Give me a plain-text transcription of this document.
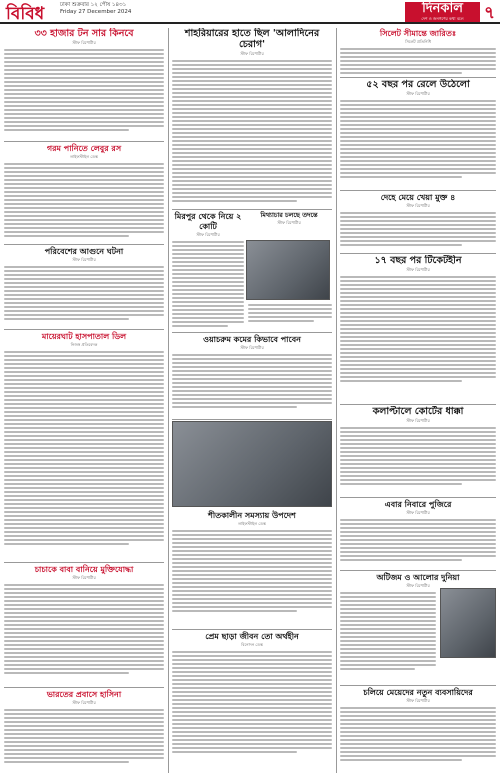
বিবিধ	ঢাকা শুক্রবার ১২ পৌষ ১৪৩১
Friday 27 December 2024	দিনকাল
দেশ ও জনগণের কথা বলে	৭
৩৩ হাজার টন সার কিনবে
স্টাফ রিপোর্টার
গরম পানিতে লেবুর রস
লাইফস্টাইল ডেস্ক
পরিবেশের আগুনে ঘটনা
স্টাফ রিপোর্টার
মায়েরঘাট হাসপাতাল ডিল
নিজস্ব প্রতিবেদক
চাচাকে বাবা বানিয়ে মুক্তিযোদ্ধা
স্টাফ রিপোর্টার
ভারতের প্রবাসে হাসিনা
স্টাফ রিপোর্টার
শাহরিয়ারের হাতে ছিল 'আলাদিনের চেরাগ'
স্টাফ রিপোর্টার
মিরপুর থেকে নিয়ে ২ কোটি
স্টাফ রিপোর্টার
ওয়াচরুম কমের কিভাবে পাবেন
স্টাফ রিপোর্টার
শীতকালীন সমস্যায় উপদেশ
লাইফস্টাইল ডেস্ক
প্রেম ছাড়া জীবন তো অর্থহীন
বিনোদন ডেস্ক
সিলেট সীমান্তে জারিতঃ
সিলেট প্রতিনিধি
৫২ বছর পর রেলে উঠেলো
স্টাফ রিপোর্টার
দেহে মেয়ে খেয়া মুক্ত ৪
স্টাফ রিপোর্টার
১৭ বছর পর টিকেটহীন
স্টাফ রিপোর্টার
কলাপ্টালে কোর্টের ধাক্কা
স্টাফ রিপোর্টার
এবার নিবারে পুজিরে
স্টাফ রিপোর্টার
অটিজম ও আলোর দুনিয়া
স্টাফ রিপোর্টার
চলিয়ে মেয়েদের নতুন ব্যবসায়িদের
স্টাফ রিপোর্টার
মিথ্যাচার চলছে তদন্তে
স্টাফ রিপোর্টার
